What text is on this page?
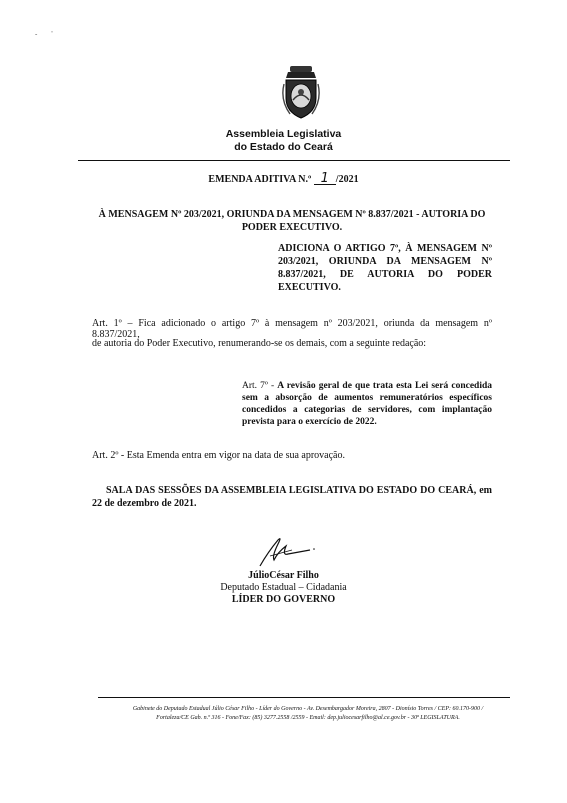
-        '
Assembleia Legislativa
do Estado do Ceará
EMENDA ADITIVA N.º 1 /2021
À MENSAGEM Nº 203/2021, ORIUNDA DA MENSAGEM Nº 8.837/2021 - AUTORIA DO PODER EXECUTIVO.
ADICIONA O ARTIGO 7º, À MENSAGEM Nº
203/2021, ORIUNDA DA MENSAGEM Nº
8.837/2021, DE AUTORIA DO PODER
EXECUTIVO.
Art. 1º – Fica adicionado o artigo 7º à mensagem nº 203/2021, oriunda da mensagem nº 8.837/2021,
de autoria do Poder Executivo, renumerando-se os demais, com a seguinte redação:
Art. 7º - A revisão geral de que trata esta Lei será concedida sem a absorção de aumentos remuneratórios específicos concedidos a categorias de servidores, com implantação prevista para o exercício de 2022.
Art. 2º - Esta Emenda entra em vigor na data de sua aprovação.
SALA DAS SESSÕES DA ASSEMBLEIA LEGISLATIVA DO ESTADO DO CEARÁ, em 22 de dezembro de 2021.
JúlioCésar Filho
Deputado Estadual – Cidadania
LÍDER DO GOVERNO
Gabinete do Deputado Estadual Júlio César Filho - Líder do Governo - Av. Desembargador Moreira, 2807 - Dionísio Torres / CEP: 60.170-900 /
Fortaleza/CE Gab. n.º 316 - Fone/Fax: (85) 3277.2558 /2559 - Email: dep.juliocesarfilho@al.ce.gov.br - 30ª LEGISLATURA.
